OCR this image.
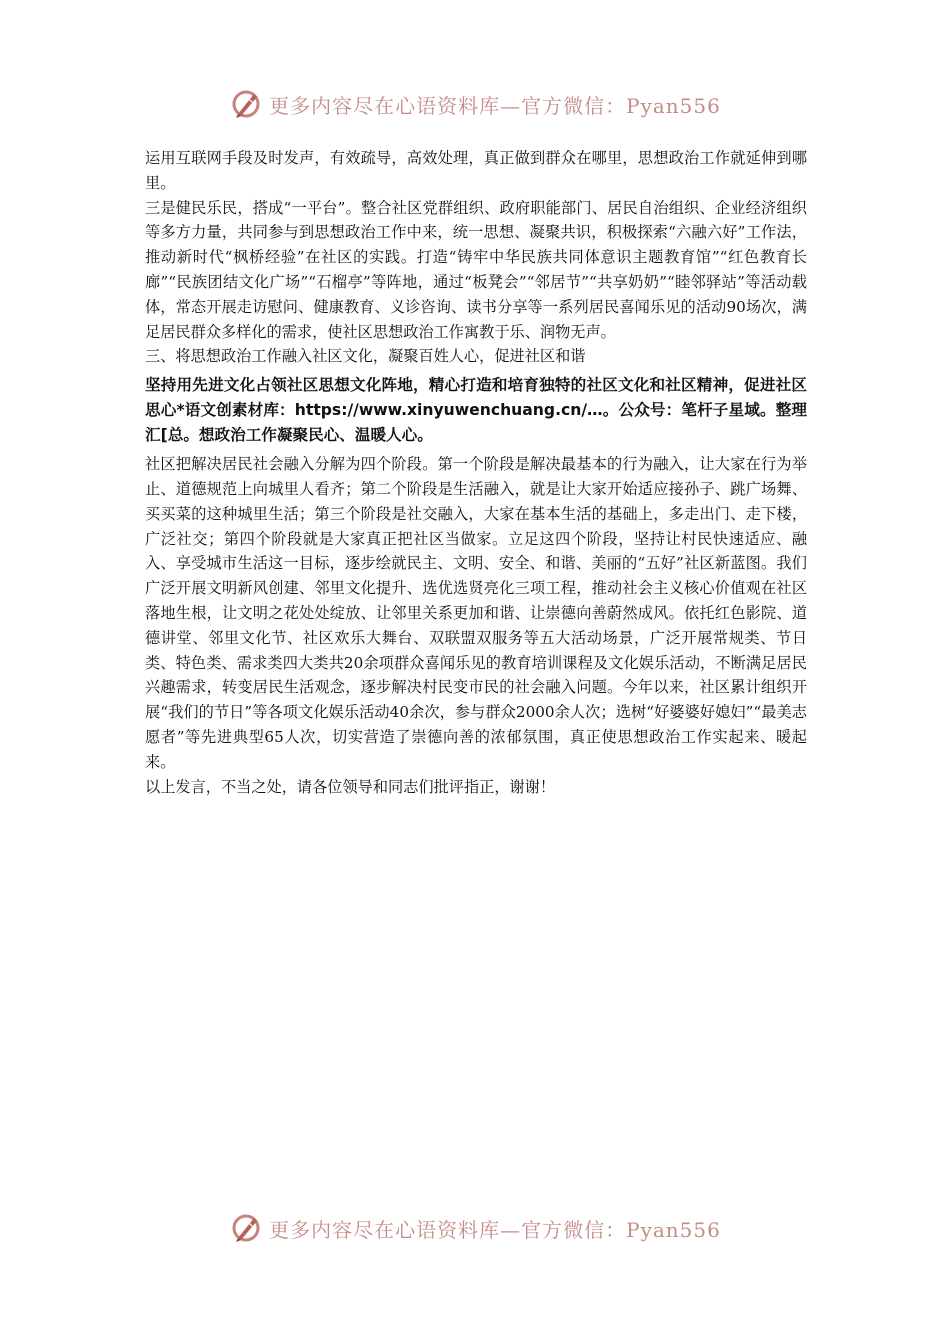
更多内容尽在心语资料库—官方微信：Pyan556

运用互联网手段及时发声，有效疏导，高效处理，真正做到群众在哪里，思想政治工作就延伸到哪里。

三是健民乐民，搭成“一平台”。整合社区党群组织、政府职能部门、居民自治组织、企业经济组织等多方力量，共同参与到思想政治工作中来，统一思想、凝聚共识，积极探索“六融六好”工作法，推动新时代“枫桥经验”在社区的实践。打造“铸牢中华民族共同体意识主题教育馆”“红色教育长廊”“民族团结文化广场”“石榴亭”等阵地，通过“板凳会”“邻居节”“共享奶奶”“睦邻驿站”等活动载体，常态开展走访慰问、健康教育、义诊咨询、读书分享等一系列居民喜闻乐见的活动90场次，满足居民群众多样化的需求，使社区思想政治工作寓教于乐、润物无声。

三、将思想政治工作融入社区文化，凝聚百姓人心，促进社区和谐

坚持用先进文化占领社区思想文化阵地，精心打造和培育独特的社区文化和社区精神，促进社区思心*语文创素材库：https://www.xinyuwenchuang.cn/…。公众号：笔杆子星域。整理汇[总。想政治工作凝聚民心、温暖人心。

社区把解决居民社会融入分解为四个阶段。第一个阶段是解决最基本的行为融入，让大家在行为举止、道德规范上向城里人看齐；第二个阶段是生活融入，就是让大家开始适应接孙子、跳广场舞、买买菜的这种城里生活；第三个阶段是社交融入，大家在基本生活的基础上，多走出门、走下楼，广泛社交；第四个阶段就是大家真正把社区当做家。立足这四个阶段，坚持让村民快速适应、融入、享受城市生活这一目标，逐步绘就民主、文明、安全、和谐、美丽的“五好”社区新蓝图。我们广泛开展文明新风创建、邻里文化提升、选优选贤亮化三项工程，推动社会主义核心价值观在社区落地生根，让文明之花处处绽放、让邻里关系更加和谐、让崇德向善蔚然成风。依托红色影院、道德讲堂、邻里文化节、社区欢乐大舞台、双联盟双服务等五大活动场景，广泛开展常规类、节日类、特色类、需求类四大类共20余项群众喜闻乐见的教育培训课程及文化娱乐活动，不断满足居民兴趣需求，转变居民生活观念，逐步解决村民变市民的社会融入问题。今年以来，社区累计组织开展“我们的节日”等各项文化娱乐活动40余次，参与群众2000余人次；选树“好婆婆好媳妇”“最美志愿者”等先进典型65人次，切实营造了崇德向善的浓郁氛围，真正使思想政治工作实起来、暖起来。

以上发言，不当之处，请各位领导和同志们批评指正，谢谢！

更多内容尽在心语资料库—官方微信：Pyan556
